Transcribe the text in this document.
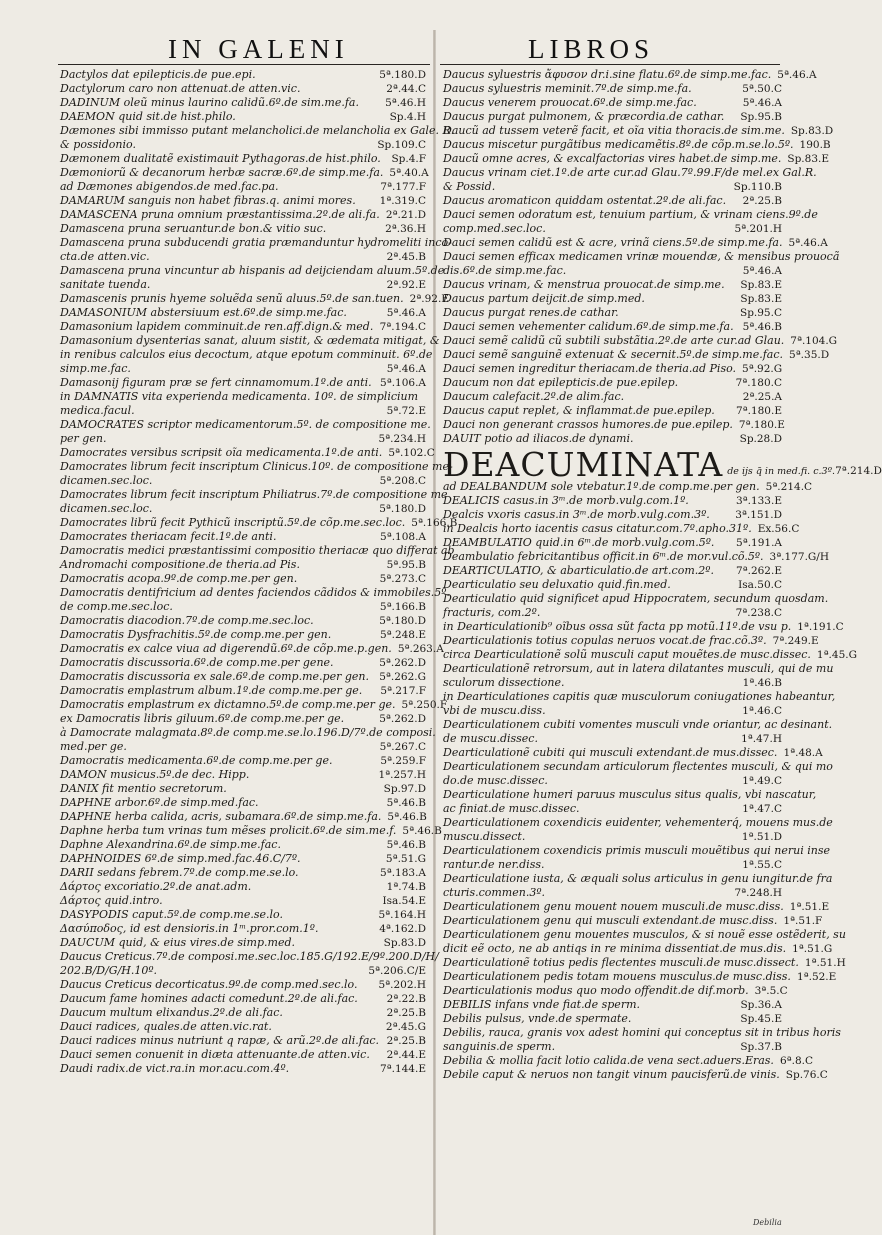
IN GALENI	LIBROS
Dactylos dat epilepticis.de pue.epi.	5ª.180.D
Dactylorum caro non attenuat.de atten.vic.	2ª.44.C
DADINUM oleũ minus laurino calidũ.6º.de sim.me.fa.	5ª.46.H
DAEMON quid sit.de hist.philo.	Sp.4.H
Dæmones sibi immisso putant melancholici.de melancholia ex Gale. R.
& possidonio.	Sp.109.C
Dæmonem dualitatẽ existimauit Pythagoras.de hist.philo.	Sp.4.F
Dæmoniorũ & decanorum herbæ sacræ.6º.de simp.me.fa. 5ª.40.A
ad Dæmones abigendos.de med.fac.pa.	7ª.177.F
DAMARUM sanguis non habet fibras.q. animi mores.	1ª.319.C
DAMASCENA pruna omnium præstantissima.2º.de ali.fa. 2ª.21.D
Damascena pruna seruantur.de bon.& vitio suc.	2ª.36.H
Damascena pruna subducendi gratia præmanduntur hydromeliti inco-
cta.de atten.vic.	2ª.45.B
Damascena pruna vincuntur ab hispanis ad deijciendam aluum.5º.de
sanitate tuenda.	2ª.92.E
Damascenis prunis hyeme soluẽda senũ aluus.5º.de san.tuen. 2ª.92.E
DAMASONIUM abstersiuum est.6º.de simp.me.fac.	5ª.46.A
Damasonium lapidem comminuit.de ren.aff.dign.& med. 7ª.194.C
Damasonium dysenterias sanat, aluum sistit, & œdemata mitigat, &
in renibus calculos eius decoctum, atque epotum comminuit. 6º.de
simp.me.fac.	5ª.46.A
Damasonij figuram præ se fert cinnamomum.1º.de anti. 5ª.106.A
in DAMNATIS vita experienda medicamenta. 10º. de simplicium
medica.facul.	5ª.72.E
DAMOCRATES scriptor medicamentorum.5º. de compositione me.
per gen.	5ª.234.H
Damocrates versibus scripsit oĩa medicamenta.1º.de anti. 5ª.102.C
Damocrates librum fecit inscriptum Clinicus.10º. de compositione me-
dicamen.sec.loc.	5ª.208.C
Damocrates librum fecit inscriptum Philiatrus.7º.de compositione me
dicamen.sec.loc.	5ª.180.D
Damocrates librũ fecit Pythicũ inscriptũ.5º.de cõp.me.sec.loc. 5ª.166.B
Damocrates theriacam fecit.1º.de anti.	5ª.108.A
Damocratis medici præstantissimi compositio theriacæ quo differat ab
Andromachi compositione.de theria.ad Pis.	5ª.95.B
Damocratis acopa.9º.de comp.me.per gen.	5ª.273.C
Damocratis dentifricium ad dentes faciendos cãdidos & immobiles.5º.
de comp.me.sec.loc.	5ª.166.B
Damocratis diacodion.7º.de comp.me.sec.loc.	5ª.180.D
Damocratis Dysfrachitis.5º.de comp.me.per gen.	5ª.248.E
Damocratis ex calce viua ad digerendũ.6º.de cõp.me.p.gen. 5ª.263.A
Damocratis discussoria.6º.de comp.me.per gene.	5ª.262.D
Damocratis discussoria ex sale.6º.de comp.me.per gen. 5ª.262.G
Damocratis emplastrum album.1º.de comp.me.per ge.	5ª.217.F
Damocratis emplastrum ex dictamno.5º.de comp.me.per ge. 5ª.250.F
ex Damocratis libris giluum.6º.de comp.me.per ge.	5ª.262.D
à Damocrate malagmata.8º.de comp.me.se.lo.196.D/7º.de composi.
med.per ge.	5ª.267.C
Damocratis medicamenta.6º.de comp.me.per ge.	5ª.259.F
DAMON musicus.5º.de dec. Hipp.	1ª.257.H
DANIX fit mentio secretorum.	Sp.97.D
DAPHNE arbor.6º.de simp.med.fac.	5ª.46.B
DAPHNE herba calida, acris, subamara.6º.de simp.me.fa. 5ª.46.B
Daphne herba tum vrinas tum mẽses prolicit.6º.de sim.me.f. 5ª.46.B
Daphne Alexandrina.6º.de simp.me.fac.	5ª.46.B
DAPHNOIDES 6º.de simp.med.fac.46.C/7º.	5ª.51.G
DARII sedans febrem.7º.de comp.me.se.lo.	5ª.183.A
Δάρτος excoriatio.2º.de anat.adm.	1ª.74.B
Δάρτος quid.intro.	Isa.54.E
DASYPODIS caput.5º.de comp.me.se.lo.	5ª.164.H
Δασύποδος, id est densioris.in 1ᵐ.pror.com.1º.	4ª.162.D
DAUCUM quid, & eius vires.de simp.med.	Sp.83.D
Daucus Creticus.7º.de composi.me.sec.loc.185.G/192.E/9º.200.D/H/
202.B/D/G/H.10º.	5ª.206.C/E
Daucus Creticus decorticatus.9º.de comp.med.sec.lo.	5ª.202.H
Daucum fame homines adacti comedunt.2º.de ali.fac.	2ª.22.B
Daucum multum elixandus.2º.de ali.fac.	2ª.25.B
Dauci radices, quales.de atten.vic.rat.	2ª.45.G
Dauci radices minus nutriunt q rapæ, & arũ.2º.de ali.fac. 2ª.25.B
Dauci semen conuenit in diæta attenuante.de atten.vic.	2ª.44.E
Daudi radix.de vict.ra.in mor.acu.com.4º.	7ª.144.E
Daucus syluestris ἄφυσον dr.i.sine flatu.6º.de simp.me.fac. 5ª.46.A
Daucus syluestris meminit.7º.de simp.me.fa.	5ª.50.C
Daucus venerem prouocat.6º.de simp.me.fac.	5ª.46.A
Daucus purgat pulmonem, & præcordia.de cathar.	Sp.95.B
Daucũ ad tussem veterẽ facit, et oĩa vitia thoracis.de sim.me. Sp.83.D
Daucus miscetur purgãtibus medicamẽtis.8º.de cõp.m.se.lo.5º. 190.B
Daucũ omne acres, & excalfactorias vires habet.de simp.me. Sp.83.E
Daucus vrinam ciet.1º.de arte cur.ad Glau.7º.99.F/de mel.ex Gal.R.
& Possid.	Sp.110.B
Daucus aromaticon quiddam ostentat.2º.de ali.fac.	2ª.25.B
Dauci semen odoratum est, tenuium partium, & vrinam ciens.9º.de
comp.med.sec.loc.	5ª.201.H
Dauci semen calidũ est & acre, vrinã ciens.5º.de simp.me.fa. 5ª.46.A
Dauci semen efficax medicamen vrinæ mouendæ, & mensibus prouocã
dis.6º.de simp.me.fac.	5ª.46.A
Daucus vrinam, & menstrua prouocat.de simp.me.	Sp.83.E
Daucus partum deijcit.de simp.med.	Sp.83.E
Daucus purgat renes.de cathar.	Sp.95.C
Dauci semen vehementer calidum.6º.de simp.me.fa. 5ª.46.B
Dauci semẽ calidũ cũ subtili substãtia.2º.de arte cur.ad Glau. 7ª.104.G
Dauci semẽ sanguinẽ extenuat & secernit.5º.de simp.me.fac. 5ª.35.D
Dauci semen ingreditur theriacam.de theria.ad Piso. 5ª.92.G
Daucum non dat epilepticis.de pue.epilep.	7ª.180.C
Daucum calefacit.2º.de alim.fac.	2ª.25.A
Daucus caput replet, & inflammat.de pue.epilep.	7ª.180.E
Dauci non generant crassos humores.de pue.epilep. 7ª.180.E
DAUIT potio ad iliacos.de dynami.	Sp.28.D
DEACUMINATA de ijs q̃ in med.fi. c.3º. 7ª.214.D
ad DEALBANDUM sole vtebatur.1º.de comp.me.per gen. 5ª.214.C
DEALICIS casus.in 3ᵐ.de morb.vulg.com.1º.	3ª.133.E
Dealcis vxoris casus.in 3ᵐ.de morb.vulg.com.3º.	3ª.151.D
in Dealcis horto iacentis casus citatur.com.7º.apho.31º. Ex.56.C
DEAMBULATIO quid.in 6ᵐ.de morb.vulg.com.5º.	5ª.191.A
Deambulatio febricitantibus officit.in 6ᵐ.de mor.vul.cõ.5º. 3ª.177.G/H
DEARTICULATIO, & abarticulatio.de art.com.2º.	7ª.262.E
Dearticulatio seu deluxatio quid.fin.med.	Isa.50.C
Dearticulatio quid significet apud Hippocratem, secundum quosdam.
fracturis, com.2º.	7ª.238.C
in Dearticulationib⁹ oĩbus ossa sũt facta pp motũ.11º.de vsu p. 1ª.191.C
Dearticulationis totius copulas neruos vocat.de frac.cõ.3º. 7ª.249.E
circa Dearticulationẽ solũ musculi caput mouẽtes.de musc.dissec. 1ª.45.G
Dearticulationẽ retrorsum, aut in latera dilatantes musculi, qui de mu
sculorum dissectione.	1ª.46.B
in Dearticulationes capitis quæ musculorum coniugationes habeantur,
vbi de muscu.diss.	1ª.46.C
Dearticulationem cubiti vomentes musculi vnde oriantur, ac desinant.
de muscu.dissec.	1ª.47.H
Dearticulationẽ cubiti qui musculi extendant.de mus.dissec. 1ª.48.A
Dearticulationem secundam articulorum flectentes musculi, & qui mo
do.de musc.dissec.	1ª.49.C
Dearticulatione humeri paruus musculus situs qualis, vbi nascatur,
ac finiat.de musc.dissec.	1ª.47.C
Dearticulationem coxendicis euidenter, vehementerq́, mouens mus.de
muscu.dissect.	1ª.51.D
Dearticulationem coxendicis primis musculi mouẽtibus qui nerui inse
rantur.de ner.diss.	1ª.55.C
Dearticulatione iusta, & æquali solus articulus in genu iungitur.de fra
cturis.commen.3º.	7ª.248.H
Dearticulationem genu mouent nouem musculi.de musc.diss. 1ª.51.E
Dearticulationem genu qui musculi extendant.de musc.diss. 1ª.51.F
Dearticulationem genu mouentes musculos, & si nouẽ esse ostẽderit, su
dicit eẽ octo, ne ab antiqs in re minima dissentiat.de mus.dis. 1ª.51.G
Dearticulationẽ totius pedis flectentes musculi.de musc.dissect. 1ª.51.H
Dearticulationem pedis totam mouens musculus.de musc.diss. 1ª.52.E
Dearticulationis modus quo modo offendit.de dif.morb. 3ª.5.C
DEBILIS infans vnde fiat.de sperm.	Sp.36.A
Debilis pulsus, vnde.de spermate.	Sp.45.E
Debilis, rauca, granis vox adest homini qui conceptus sit in tribus horis
sanguinis.de sperm.	Sp.37.B
Debilia & mollia facit lotio calida.de vena sect.aduers.Eras. 6ª.8.C
Debile caput & neruos non tangit vinum paucisferũ.de vinis. Sp.76.C
Debilia
